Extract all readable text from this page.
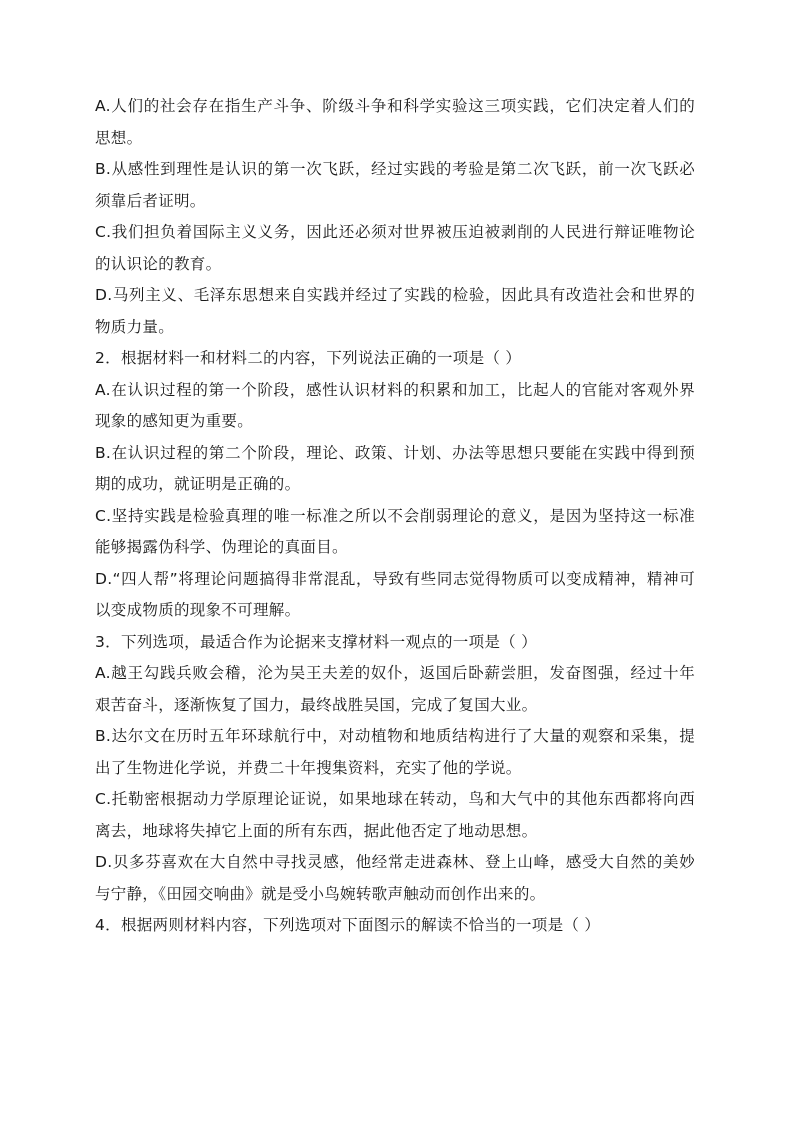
A.人们的社会存在指生产斗争、阶级斗争和科学实验这三项实践，它们决定着人们的思想。

B.从感性到理性是认识的第一次飞跃，经过实践的考验是第二次飞跃，前一次飞跃必须靠后者证明。

C.我们担负着国际主义义务，因此还必须对世界被压迫被剥削的人民进行辩证唯物论的认识论的教育。

D.马列主义、毛泽东思想来自实践并经过了实践的检验，因此具有改造社会和世界的物质力量。

2．根据材料一和材料二的内容，下列说法正确的一项是（ ）

A.在认识过程的第一个阶段，感性认识材料的积累和加工，比起人的官能对客观外界现象的感知更为重要。

B.在认识过程的第二个阶段，理论、政策、计划、办法等思想只要能在实践中得到预期的成功，就证明是正确的。

C.坚持实践是检验真理的唯一标准之所以不会削弱理论的意义，是因为坚持这一标准能够揭露伪科学、伪理论的真面目。

D.“四人帮”将理论问题搞得非常混乱，导致有些同志觉得物质可以变成精神，精神可以变成物质的现象不可理解。

3．下列选项，最适合作为论据来支撑材料一观点的一项是（ ）

A.越王勾践兵败会稽，沦为吴王夫差的奴仆，返国后卧薪尝胆，发奋图强，经过十年艰苦奋斗，逐渐恢复了国力，最终战胜吴国，完成了复国大业。

B.达尔文在历时五年环球航行中，对动植物和地质结构进行了大量的观察和采集，提出了生物进化学说，并费二十年搜集资料，充实了他的学说。

C.托勒密根据动力学原理论证说，如果地球在转动，鸟和大气中的其他东西都将向西离去，地球将失掉它上面的所有东西，据此他否定了地动思想。

D.贝多芬喜欢在大自然中寻找灵感，他经常走进森林、登上山峰，感受大自然的美妙与宁静，《田园交响曲》就是受小鸟婉转歌声触动而创作出来的。

4．根据两则材料内容，下列选项对下面图示的解读不恰当的一项是（ ）
